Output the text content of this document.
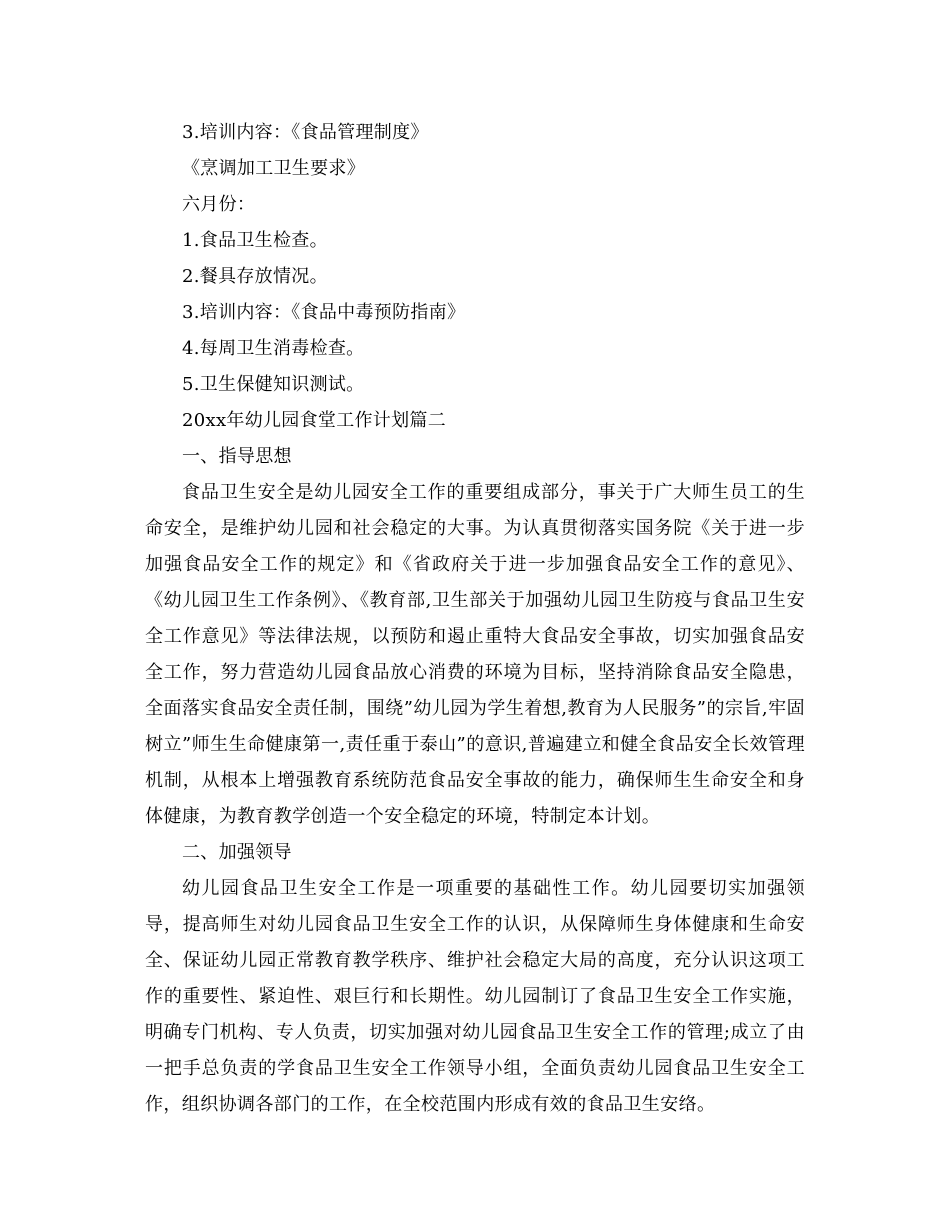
3.培训内容：《食品管理制度》

《烹调加工卫生要求》

六月份：

1.食品卫生检查。

2.餐具存放情况。

3.培训内容：《食品中毒预防指南》

4.每周卫生消毒检查。

5.卫生保健知识测试。

20xx年幼儿园食堂工作计划篇二

一、指导思想

食品卫生安全是幼儿园安全工作的重要组成部分，事关于广大师生员工的生命安全，是维护幼儿园和社会稳定的大事。为认真贯彻落实国务院《关于进一步加强食品安全工作的规定》和《省政府关于进一步加强食品安全工作的意见》、《幼儿园卫生工作条例》、《教育部,卫生部关于加强幼儿园卫生防疫与食品卫生安全工作意见》等法律法规，以预防和遏止重特大食品安全事故，切实加强食品安全工作，努力营造幼儿园食品放心消费的环境为目标，坚持消除食品安全隐患，全面落实食品安全责任制，围绕”幼儿园为学生着想,教育为人民服务”的宗旨,牢固树立”师生生命健康第一,责任重于泰山”的意识,普遍建立和健全食品安全长效管理机制，从根本上增强教育系统防范食品安全事故的能力，确保师生生命安全和身体健康，为教育教学创造一个安全稳定的环境，特制定本计划。

二、加强领导

幼儿园食品卫生安全工作是一项重要的基础性工作。幼儿园要切实加强领导，提高师生对幼儿园食品卫生安全工作的认识，从保障师生身体健康和生命安全、保证幼儿园正常教育教学秩序、维护社会稳定大局的高度，充分认识这项工作的重要性、紧迫性、艰巨行和长期性。幼儿园制订了食品卫生安全工作实施，明确专门机构、专人负责，切实加强对幼儿园食品卫生安全工作的管理;成立了由一把手总负责的学食品卫生安全工作领导小组，全面负责幼儿园食品卫生安全工作，组织协调各部门的工作，在全校范围内形成有效的食品卫生安络。
